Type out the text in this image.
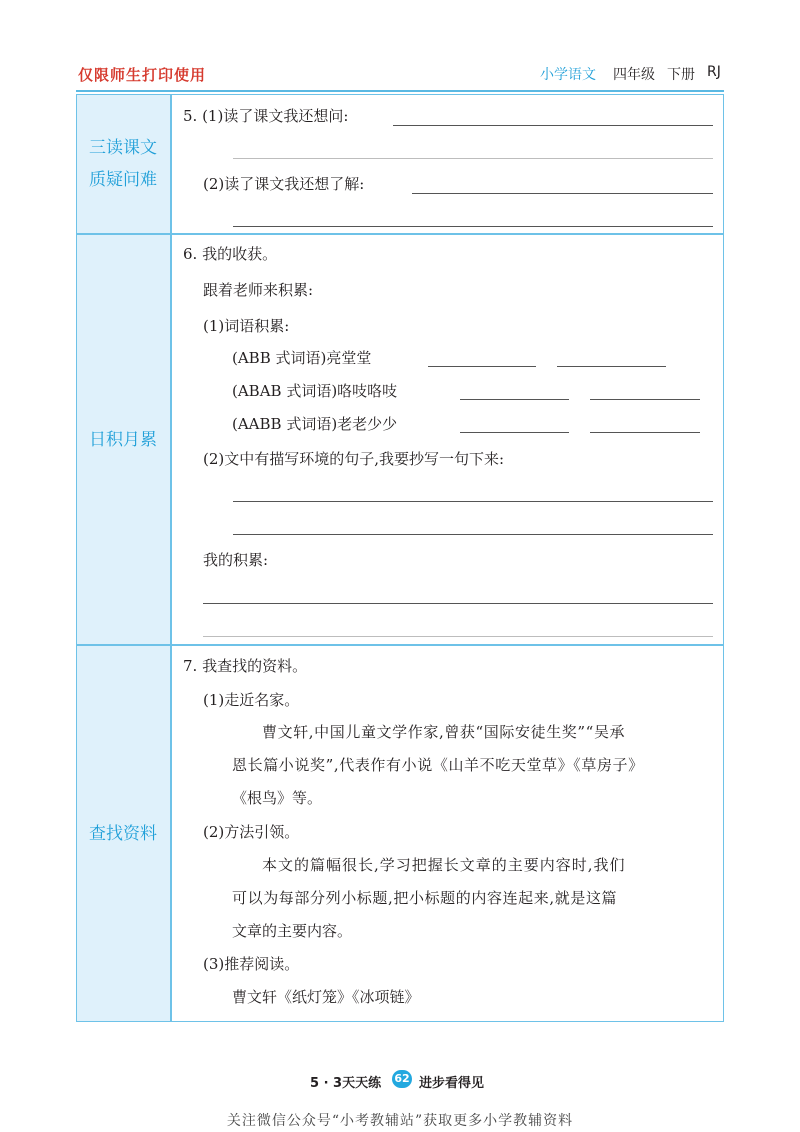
仅限师生打印使用	小学语文 四年级 下册 RJ
三读课文
质疑问难
日积月累
查找资料
5. (1)读了课文我还想问:
(2)读了课文我还想了解:
6. 我的收获。
跟着老师来积累:
(1)词语积累:
(ABB 式词语)亮堂堂
(ABAB 式词语)咯吱咯吱
(AABB 式词语)老老少少
(2)文中有描写环境的句子,我要抄写一句下来:
我的积累:
7. 我查找的资料。
(1)走近名家。
曹文轩,中国儿童文学作家,曾获“国际安徒生奖”“吴承
恩长篇小说奖”,代表作有小说《山羊不吃天堂草》《草房子》
《根鸟》等。
(2)方法引领。
本文的篇幅很长,学习把握长文章的主要内容时,我们
可以为每部分列小标题,把小标题的内容连起来,就是这篇
文章的主要内容。
(3)推荐阅读。
曹文轩《纸灯笼》《冰项链》
5 · 3天天练 62 进步看得见
关注微信公众号“小考教辅站”获取更多小学教辅资料
